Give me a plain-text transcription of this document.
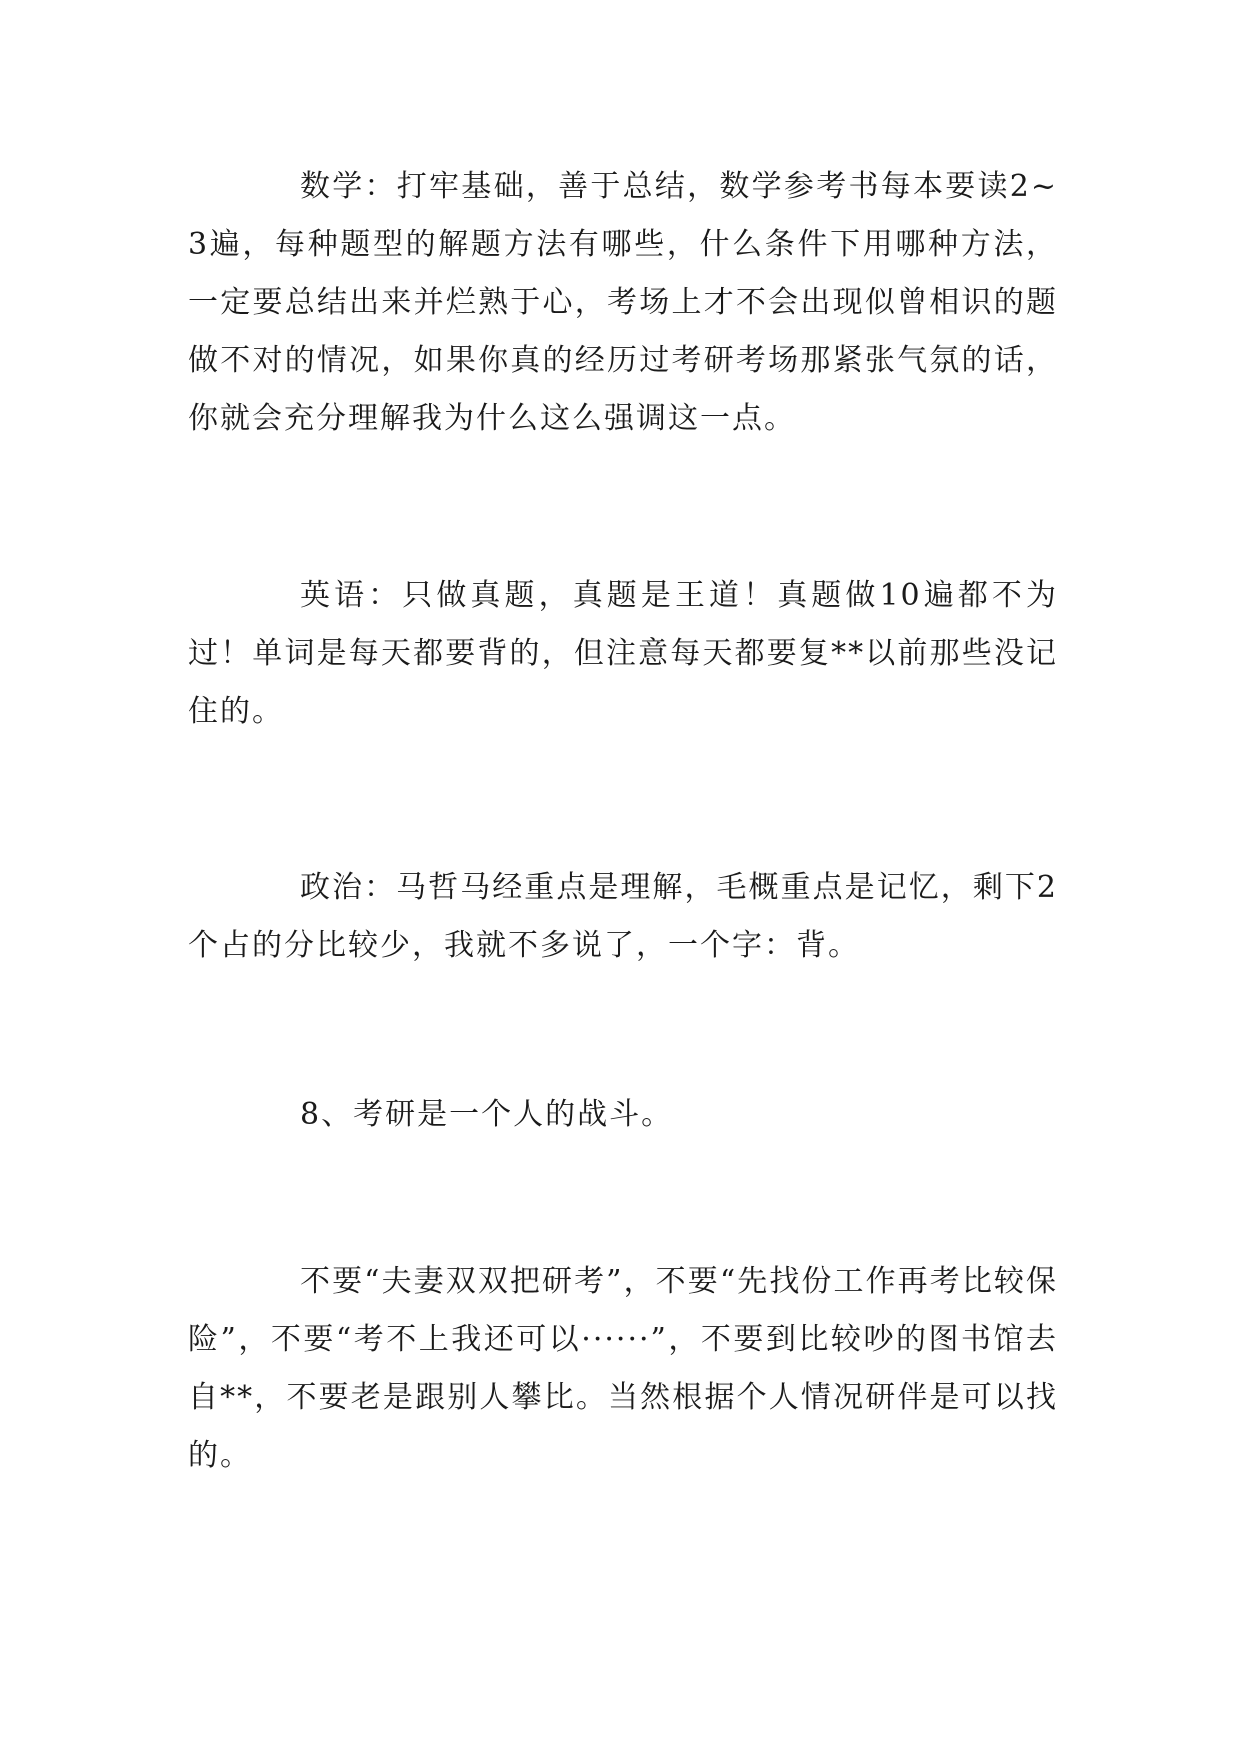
数学：打牢基础，善于总结，数学参考书每本要读2~3遍，每种题型的解题方法有哪些，什么条件下用哪种方法，一定要总结出来并烂熟于心，考场上才不会出现似曾相识的题做不对的情况，如果你真的经历过考研考场那紧张气氛的话，你就会充分理解我为什么这么强调这一点。

英语：只做真题，真题是王道！真题做10遍都不为过！单词是每天都要背的，但注意每天都要复**以前那些没记住的。

政治：马哲马经重点是理解，毛概重点是记忆，剩下2个占的分比较少，我就不多说了，一个字：背。

8、考研是一个人的战斗。

不要“夫妻双双把研考”，不要“先找份工作再考比较保险”，不要“考不上我还可以······”，不要到比较吵的图书馆去自**，不要老是跟别人攀比。当然根据个人情况研伴是可以找的。
